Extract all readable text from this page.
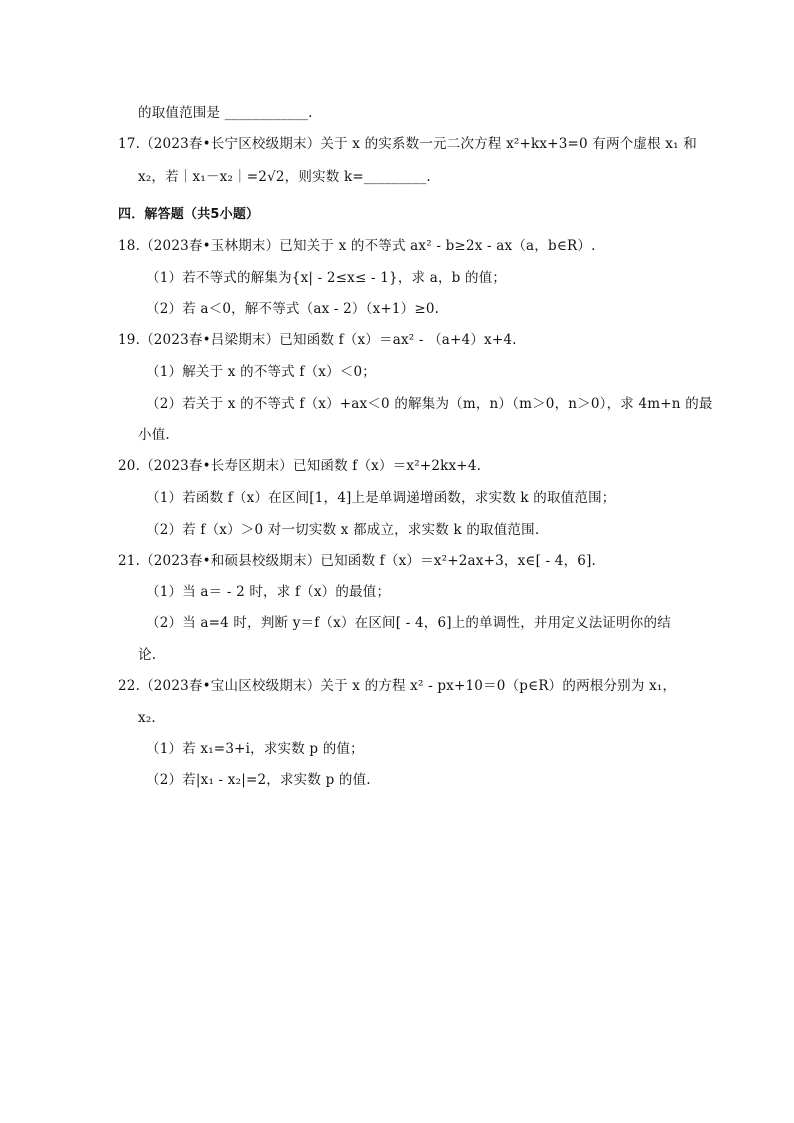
的取值范围是 ____________.
17.（2023春•长宁区校级期末）关于 x 的实系数一元二次方程 x²+kx+3=0 有两个虚根 x₁ 和
x₂，若｜x₁－x₂｜=2√2，则实数 k=_________.
四．解答题（共5小题）
18.（2023春•玉林期末）已知关于 x 的不等式 ax² - b≥2x - ax（a，b∈R）.
（1）若不等式的解集为{x| - 2≤x≤ - 1}，求 a，b 的值；
（2）若 a＜0，解不等式（ax - 2）（x+1）≥0.
19.（2023春•吕梁期末）已知函数 f（x）＝ax² - （a+4）x+4.
（1）解关于 x 的不等式 f（x）＜0；
（2）若关于 x 的不等式 f（x）+ax＜0 的解集为（m，n）（m＞0，n＞0），求 4m+n 的最
小值.
20.（2023春•长寿区期末）已知函数 f（x）＝x²+2kx+4.
（1）若函数 f（x）在区间[1，4]上是单调递增函数，求实数 k 的取值范围；
（2）若 f（x）＞0 对一切实数 x 都成立，求实数 k 的取值范围.
21.（2023春•和硕县校级期末）已知函数 f（x）＝x²+2ax+3，x∈[ - 4，6].
（1）当 a＝ - 2 时，求 f（x）的最值；
（2）当 a=4 时，判断 y＝f（x）在区间[ - 4，6]上的单调性，并用定义法证明你的结
论.
22.（2023春•宝山区校级期末）关于 x 的方程 x² - px+10＝0（p∈R）的两根分别为 x₁，
x₂.
（1）若 x₁=3+i，求实数 p 的值；
（2）若|x₁ - x₂|=2，求实数 p 的值.
